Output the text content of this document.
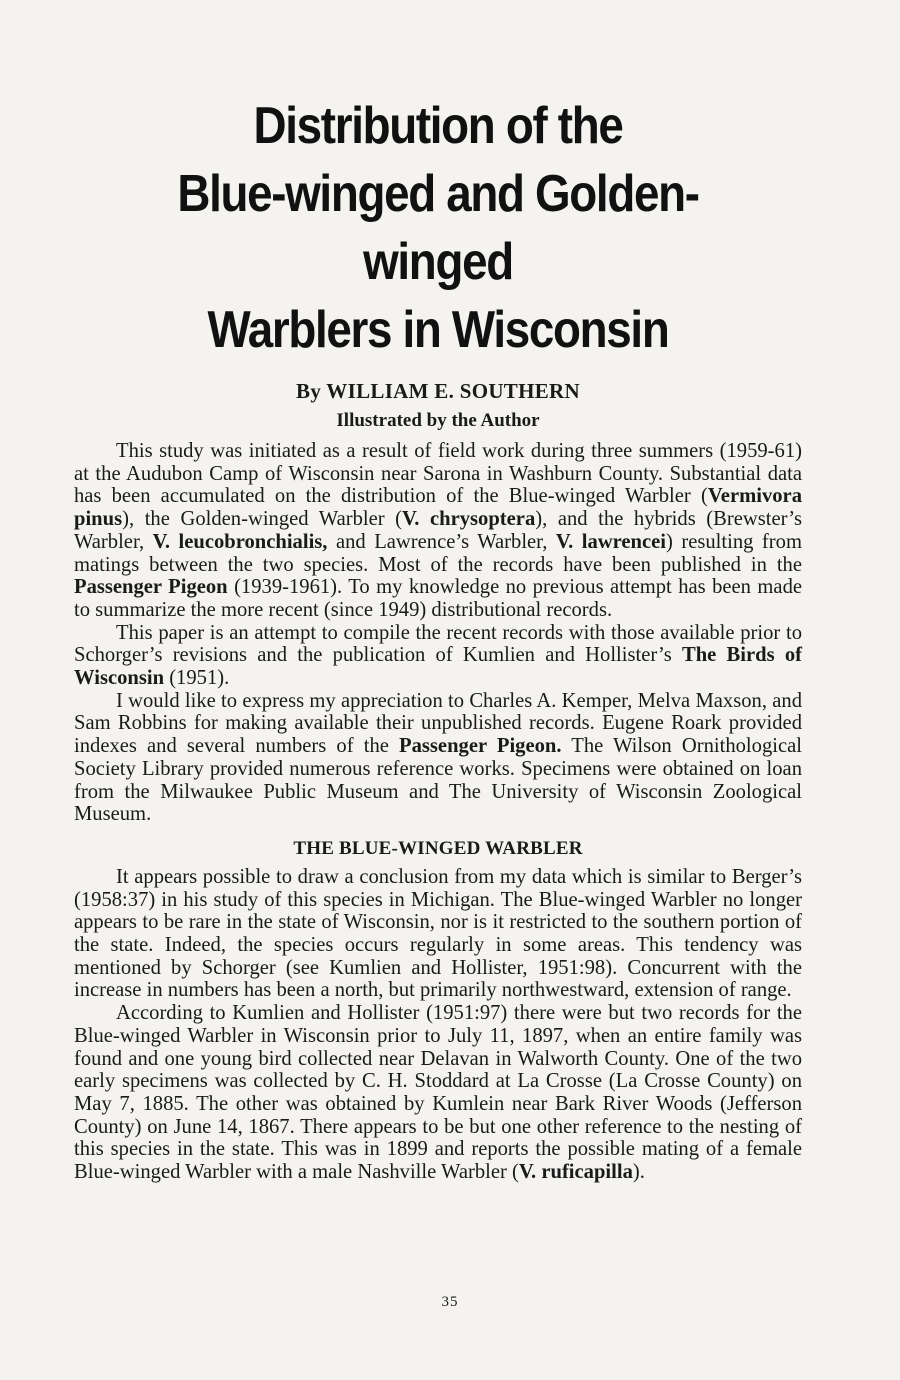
Distribution of the
Blue-winged and Golden-winged
Warblers in Wisconsin
By WILLIAM E. SOUTHERN
Illustrated by the Author

This study was initiated as a result of field work during three summers (1959-61) at the Audubon Camp of Wisconsin near Sarona in Washburn County. Substantial data has been accumulated on the distribution of the Blue-winged Warbler (Vermivora pinus), the Golden-winged Warbler (V. chrysoptera), and the hybrids (Brewster’s Warbler, V. leucobronchialis, and Lawrence’s Warbler, V. lawrencei) resulting from matings between the two species. Most of the records have been published in the Passenger Pigeon (1939-1961). To my knowledge no previous attempt has been made to summarize the more recent (since 1949) distributional records.

This paper is an attempt to compile the recent records with those available prior to Schorger’s revisions and the publication of Kumlien and Hollister’s The Birds of Wisconsin (1951).

I would like to express my appreciation to Charles A. Kemper, Melva Maxson, and Sam Robbins for making available their unpublished records. Eugene Roark provided indexes and several numbers of the Passenger Pigeon. The Wilson Ornithological Society Library provided numerous reference works. Specimens were obtained on loan from the Milwaukee Public Museum and The University of Wisconsin Zoological Museum.

THE BLUE-WINGED WARBLER

It appears possible to draw a conclusion from my data which is similar to Berger’s (1958:37) in his study of this species in Michigan. The Blue-winged Warbler no longer appears to be rare in the state of Wisconsin, nor is it restricted to the southern portion of the state. Indeed, the species occurs regularly in some areas. This tendency was mentioned by Schorger (see Kumlien and Hollister, 1951:98). Concurrent with the increase in numbers has been a north, but primarily northwestward, extension of range.

According to Kumlien and Hollister (1951:97) there were but two records for the Blue-winged Warbler in Wisconsin prior to July 11, 1897, when an entire family was found and one young bird collected near Delavan in Walworth County. One of the two early specimens was collected by C. H. Stoddard at La Crosse (La Crosse County) on May 7, 1885. The other was obtained by Kumlein near Bark River Woods (Jefferson County) on June 14, 1867. There appears to be but one other reference to the nesting of this species in the state. This was in 1899 and reports the possible mating of a female Blue-winged Warbler with a male Nashville Warbler (V. ruficapilla).

35
